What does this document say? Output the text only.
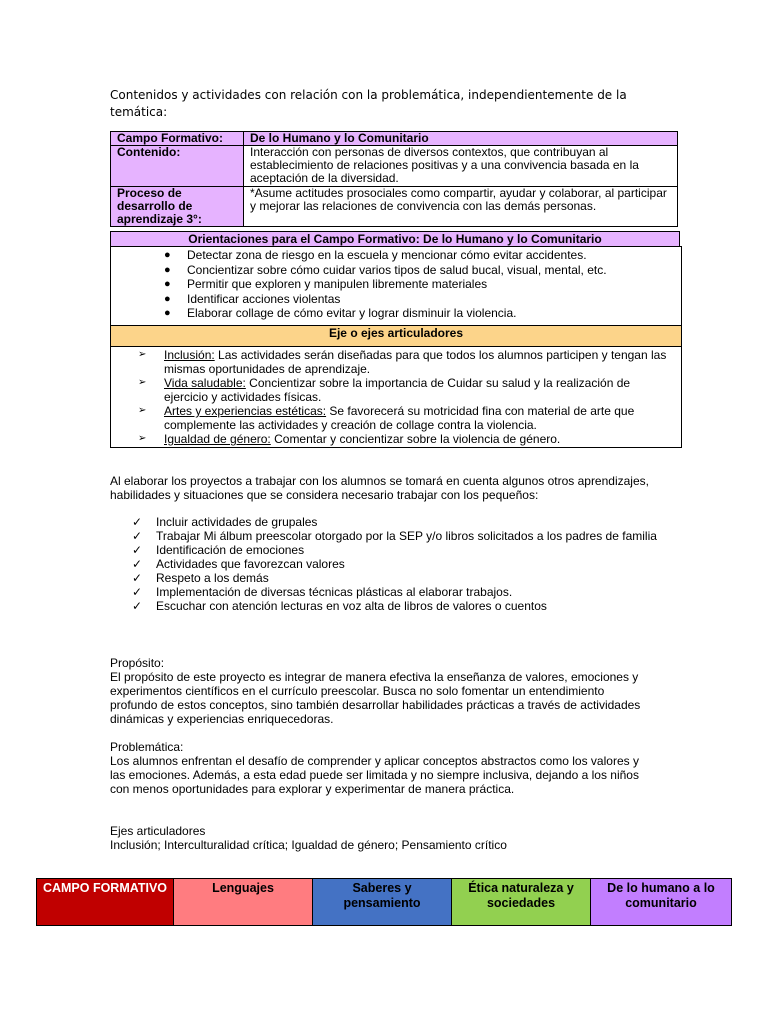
Contenidos y actividades con relación con la problemática, independientemente de la temática:
Campo Formativo:	De lo Humano y lo Comunitario
Contenido:	Interacción con personas de diversos contextos, que contribuyan al establecimiento de relaciones positivas y a una convivencia basada en la aceptación de la diversidad.
Proceso de desarrollo de aprendizaje 3°:	*Asume actitudes prosociales como compartir, ayudar y colaborar, al participar y mejorar las relaciones de convivencia con las demás personas.
Orientaciones para el Campo Formativo: De lo Humano y lo Comunitario
● Detectar zona de riesgo en la escuela y mencionar cómo evitar accidentes.
● Concientizar sobre cómo cuidar varios tipos de salud bucal, visual, mental, etc.
● Permitir que exploren y manipulen libremente materiales
● Identificar acciones violentas
● Elaborar collage de cómo evitar y lograr disminuir la violencia.
Eje o ejes articuladores
➢ Inclusión: Las actividades serán diseñadas para que todos los alumnos participen y tengan las mismas oportunidades de aprendizaje.
➢ Vida saludable: Concientizar sobre la importancia de Cuidar su salud y la realización de ejercicio y actividades físicas.
➢ Artes y experiencias estéticas: Se favorecerá su motricidad fina con material de arte que complemente las actividades y creación de collage contra la violencia.
➢ Igualdad de género: Comentar y concientizar sobre la violencia de género.
Al elaborar los proyectos a trabajar con los alumnos se tomará en cuenta algunos otros aprendizajes, habilidades y situaciones que se considera necesario trabajar con los pequeños:
✓ Incluir actividades de grupales
✓ Trabajar Mi álbum preescolar otorgado por la SEP y/o libros solicitados a los padres de familia
✓ Identificación de emociones
✓ Actividades que favorezcan valores
✓ Respeto a los demás
✓ Implementación de diversas técnicas plásticas al elaborar trabajos.
✓ Escuchar con atención lecturas en voz alta de libros de valores o cuentos
Propósito:
El propósito de este proyecto es integrar de manera efectiva la enseñanza de valores, emociones y experimentos científicos en el currículo preescolar. Busca no solo fomentar un entendimiento profundo de estos conceptos, sino también desarrollar habilidades prácticas a través de actividades dinámicas y experiencias enriquecedoras.
Problemática:
Los alumnos enfrentan el desafío de comprender y aplicar conceptos abstractos como los valores y las emociones. Además, a esta edad puede ser limitada y no siempre inclusiva, dejando a los niños con menos oportunidades para explorar y experimentar de manera práctica.
Ejes articuladores
Inclusión; Interculturalidad crítica; Igualdad de género; Pensamiento crítico
CAMPO FORMATIVO	Lenguajes	Saberes y pensamiento	Ética naturaleza y sociedades	De lo humano a lo comunitario
